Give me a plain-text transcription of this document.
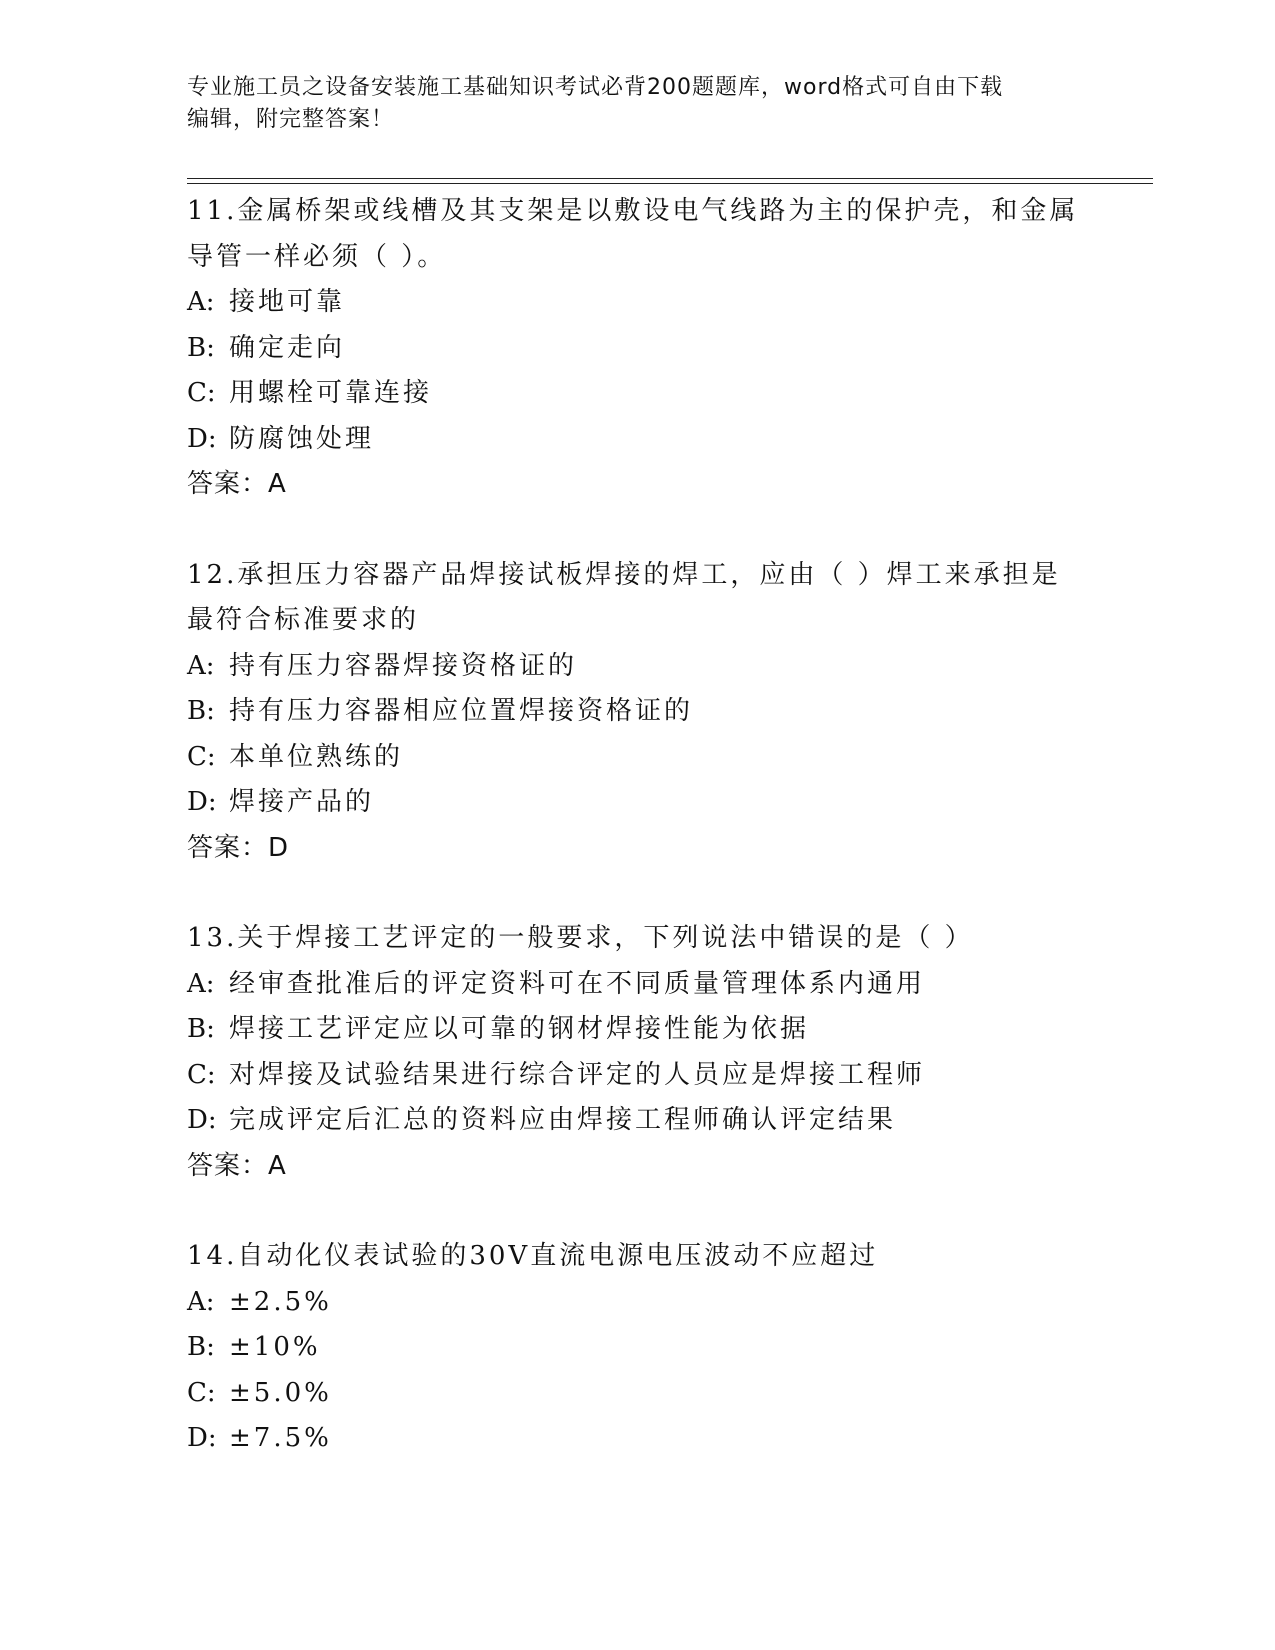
专业施工员之设备安装施工基础知识考试必背200题题库，word格式可自由下载
编辑，附完整答案！
11.金属桥架或线槽及其支架是以敷设电气线路为主的保护壳，和金属
导管一样必须（ ）。
A: 接地可靠
B: 确定走向
C: 用螺栓可靠连接
D: 防腐蚀处理
答案：A
12.承担压力容器产品焊接试板焊接的焊工，应由（ ）焊工来承担是
最符合标准要求的
A: 持有压力容器焊接资格证的
B: 持有压力容器相应位置焊接资格证的
C: 本单位熟练的
D: 焊接产品的
答案：D
13.关于焊接工艺评定的一般要求，下列说法中错误的是（ ）
A: 经审查批准后的评定资料可在不同质量管理体系内通用
B: 焊接工艺评定应以可靠的钢材焊接性能为依据
C: 对焊接及试验结果进行综合评定的人员应是焊接工程师
D: 完成评定后汇总的资料应由焊接工程师确认评定结果
答案：A
14.自动化仪表试验的30V直流电源电压波动不应超过
A: ±2.5%
B: ±10%
C: ±5.0%
D: ±7.5%
